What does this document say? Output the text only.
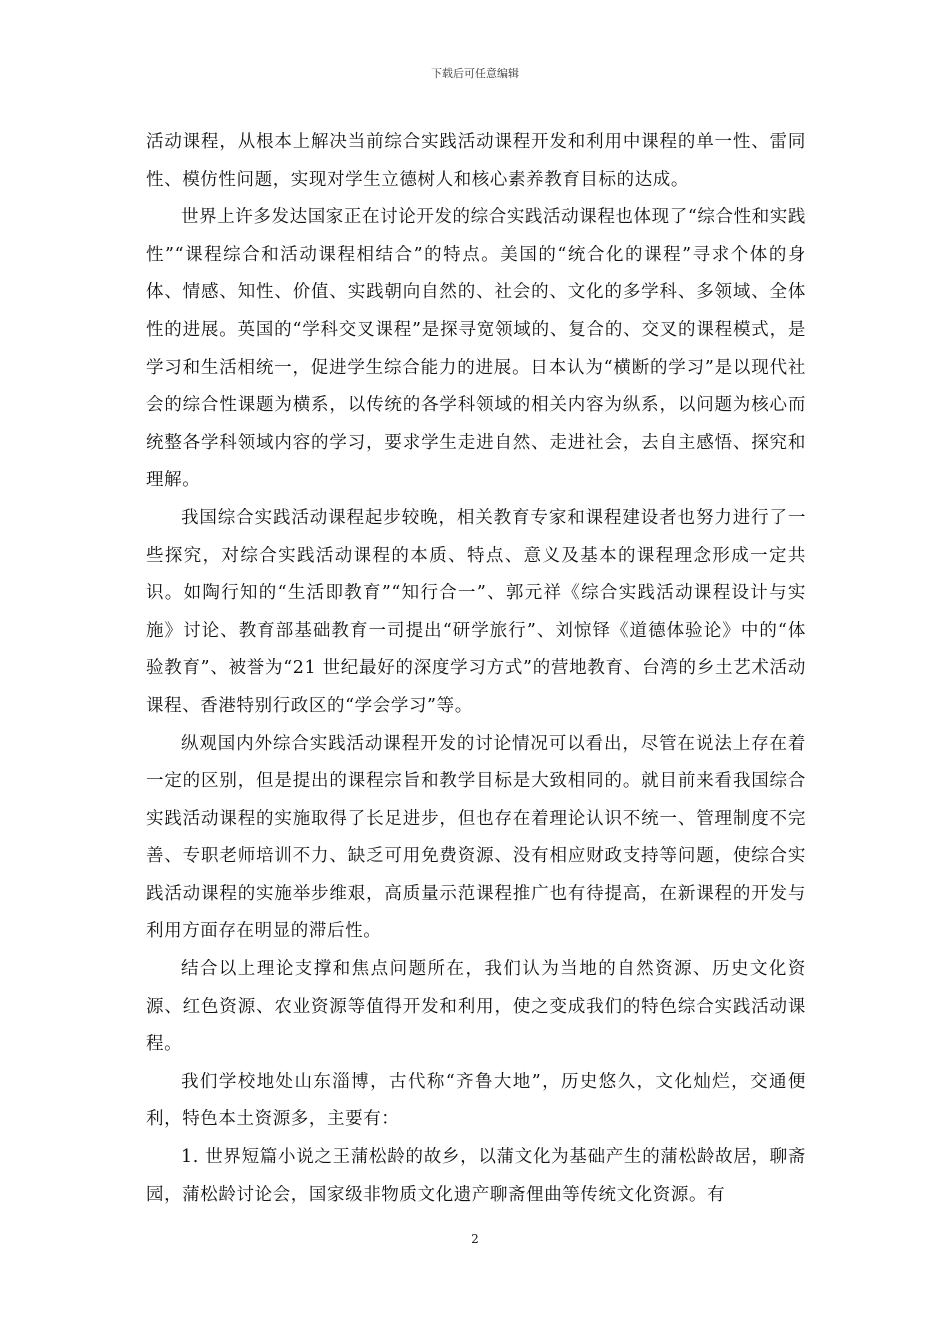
下载后可任意编辑

活动课程，从根本上解决当前综合实践活动课程开发和利用中课程的单一性、雷同性、模仿性问题，实现对学生立德树人和核心素养教育目标的达成。

世界上许多发达国家正在讨论开发的综合实践活动课程也体现了“综合性和实践性”“课程综合和活动课程相结合”的特点。美国的“统合化的课程”寻求个体的身体、情感、知性、价值、实践朝向自然的、社会的、文化的多学科、多领域、全体性的进展。英国的“学科交叉课程”是探寻宽领域的、复合的、交叉的课程模式，是学习和生活相统一，促进学生综合能力的进展。日本认为“横断的学习”是以现代社会的综合性课题为横系，以传统的各学科领域的相关内容为纵系，以问题为核心而统整各学科领域内容的学习，要求学生走进自然、走进社会，去自主感悟、探究和理解。

我国综合实践活动课程起步较晚，相关教育专家和课程建设者也努力进行了一些探究，对综合实践活动课程的本质、特点、意义及基本的课程理念形成一定共识。如陶行知的“生活即教育”“知行合一”、郭元祥《综合实践活动课程设计与实施》讨论、教育部基础教育一司提出“研学旅行”、刘惊铎《道德体验论》中的“体验教育”、被誉为“21 世纪最好的深度学习方式”的营地教育、台湾的乡土艺术活动课程、香港特别行政区的“学会学习”等。

纵观国内外综合实践活动课程开发的讨论情况可以看出，尽管在说法上存在着一定的区别，但是提出的课程宗旨和教学目标是大致相同的。就目前来看我国综合实践活动课程的实施取得了长足进步，但也存在着理论认识不统一、管理制度不完善、专职老师培训不力、缺乏可用免费资源、没有相应财政支持等问题，使综合实践活动课程的实施举步维艰，高质量示范课程推广也有待提高，在新课程的开发与利用方面存在明显的滞后性。

结合以上理论支撑和焦点问题所在，我们认为当地的自然资源、历史文化资源、红色资源、农业资源等值得开发和利用，使之变成我们的特色综合实践活动课程。

我们学校地处山东淄博，古代称“齐鲁大地”，历史悠久，文化灿烂，交通便利，特色本土资源多，主要有：

1. 世界短篇小说之王蒲松龄的故乡，以蒲文化为基础产生的蒲松龄故居，聊斋园，蒲松龄讨论会，国家级非物质文化遗产聊斋俚曲等传统文化资源。有

2
